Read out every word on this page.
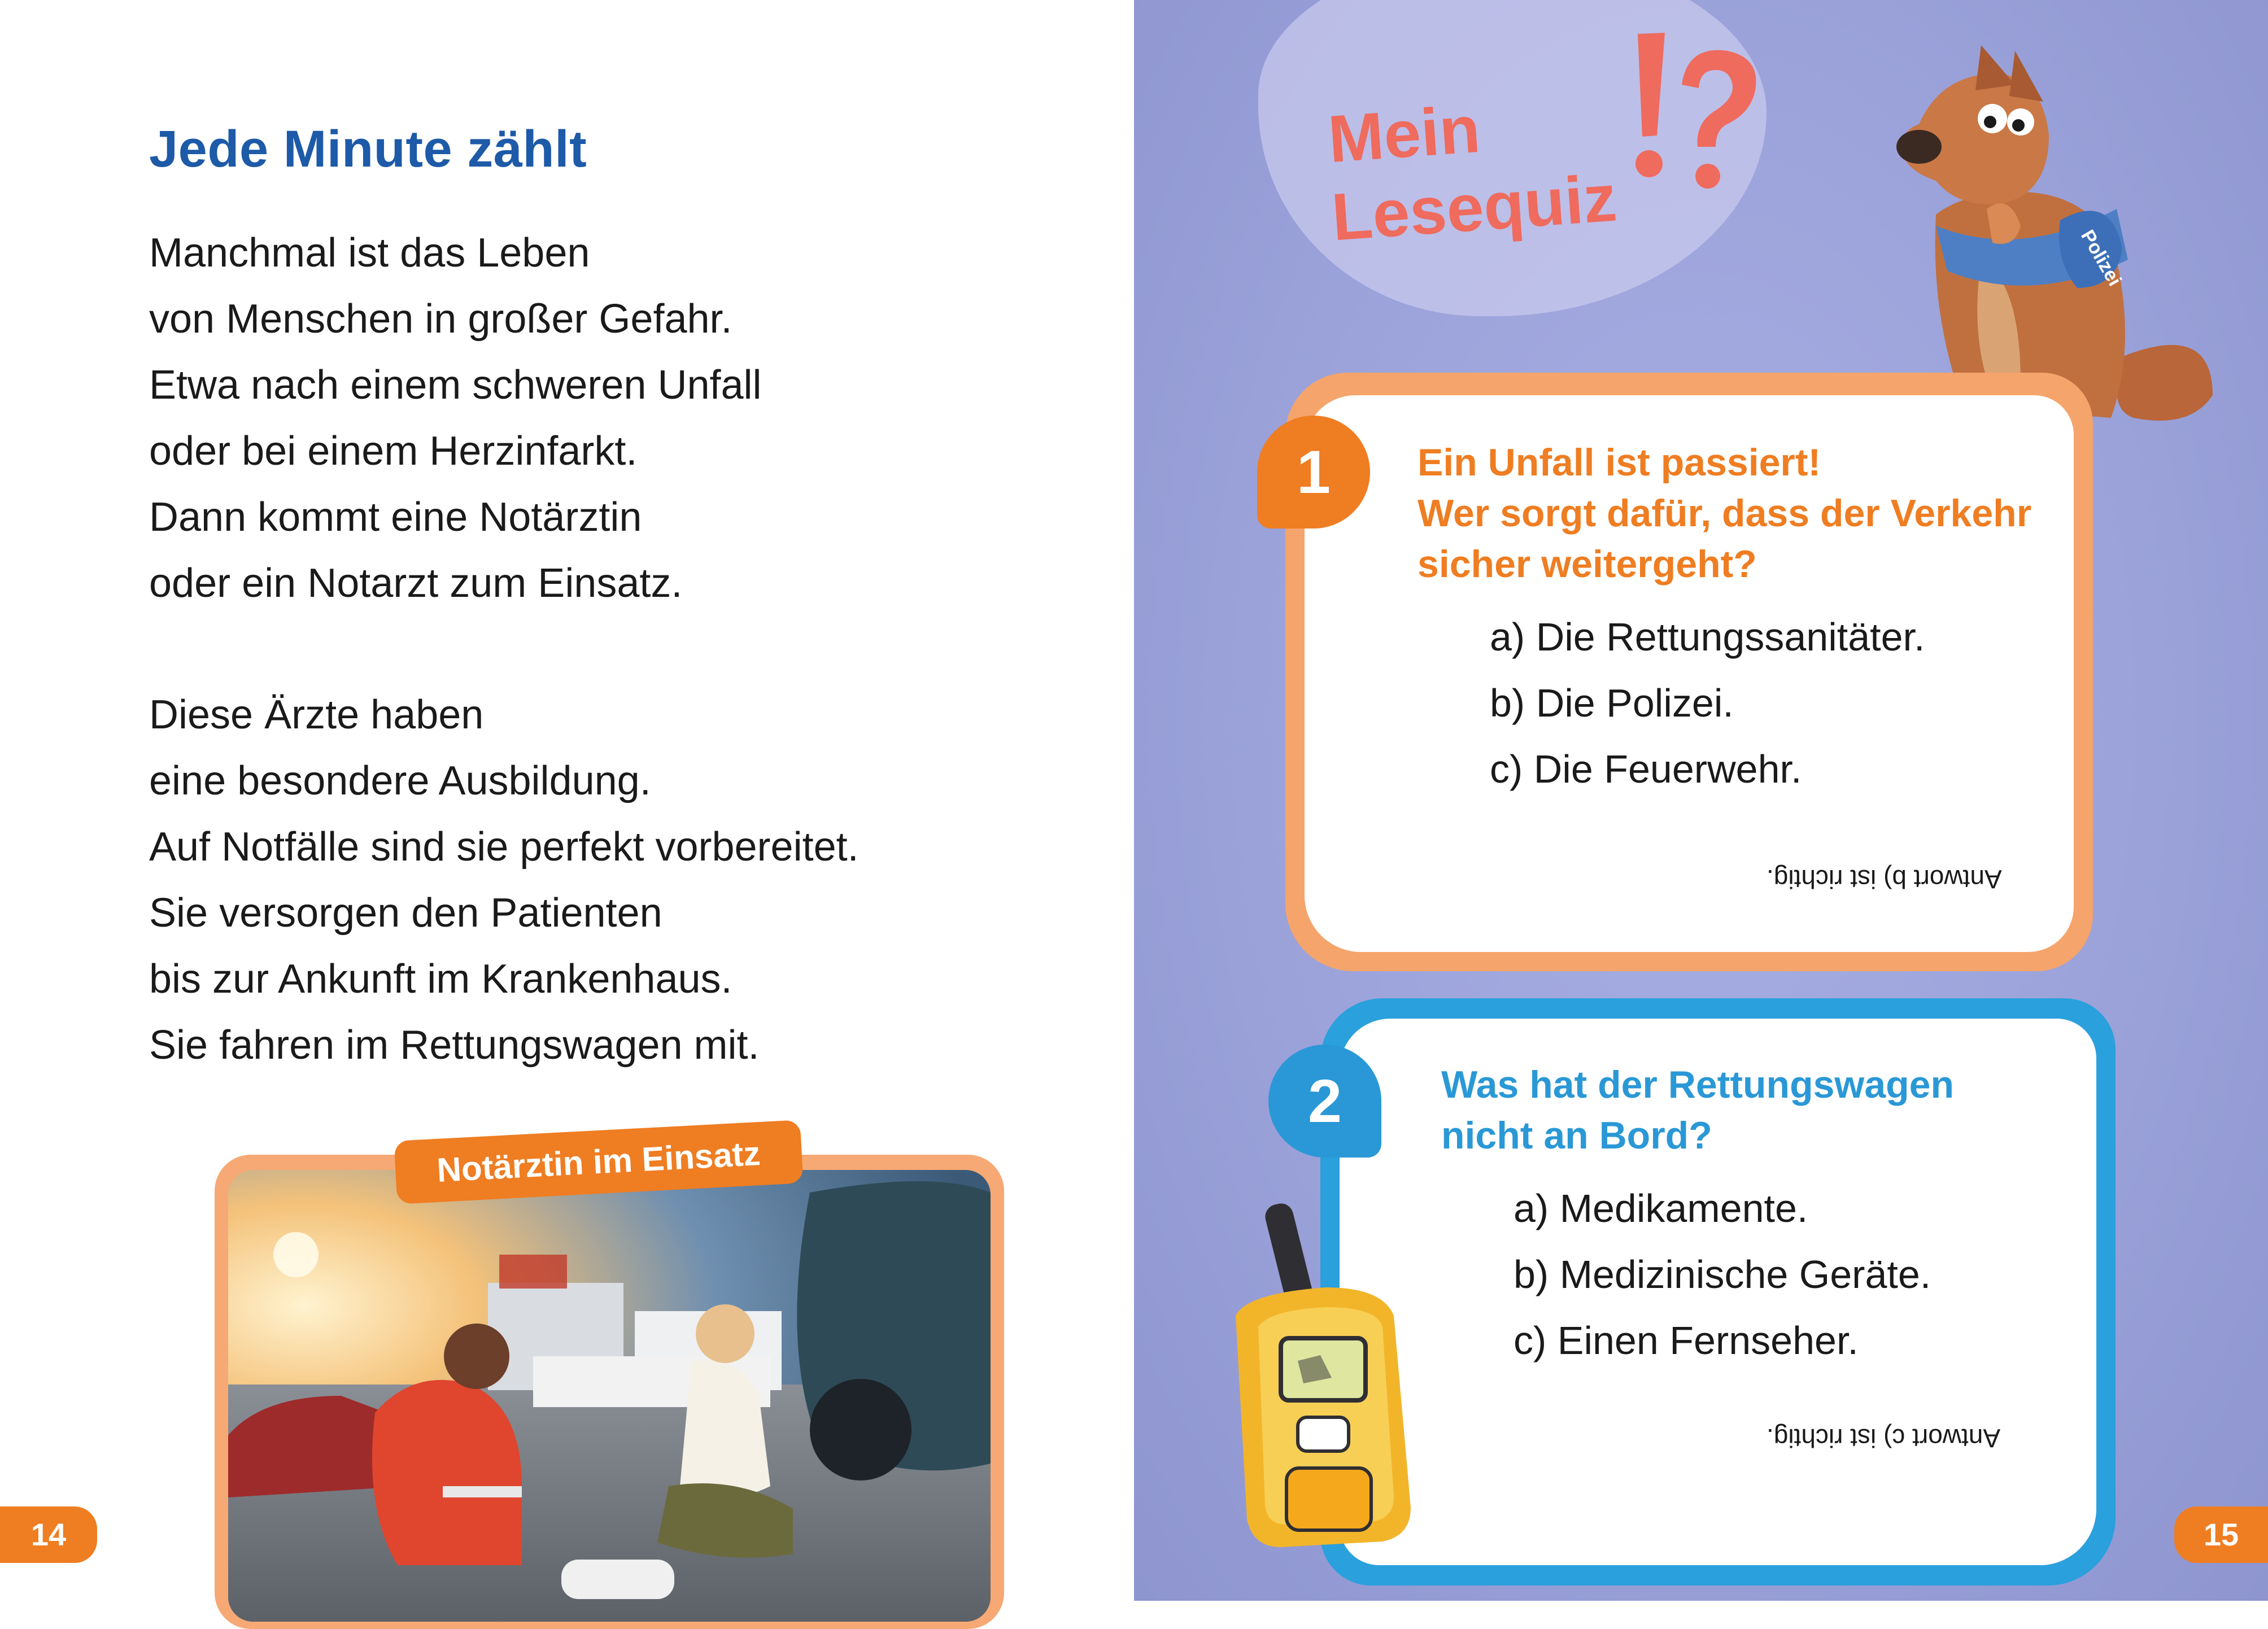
Jede Minute zählt

Manchmal ist das Leben
von Menschen in großer Gefahr.
Etwa nach einem schweren Unfall
oder bei einem Herzinfarkt.
Dann kommt eine Notärztin
oder ein Notarzt zum Einsatz.

Diese Ärzte haben
eine besondere Ausbildung.
Auf Notfälle sind sie perfekt vorbereitet.
Sie versorgen den Patienten
bis zur Ankunft im Krankenhaus.
Sie fahren im Rettungswagen mit.

Notärztin im Einsatz
14
Mein
Lesequiz
Polizei
1	Ein Unfall ist passiert!
Wer sorgt dafür, dass der Verkehr
sicher weitergeht?

a) Die Rettungssanitäter.
b) Die Polizei.
c) Die Feuerwehr.
Antwort b) ist richtig.
2	Was hat der Rettungswagen
nicht an Bord?

a) Medikamente.
b) Medizinische Geräte.
c) Einen Fernseher.
Antwort c) ist richtig.
15
